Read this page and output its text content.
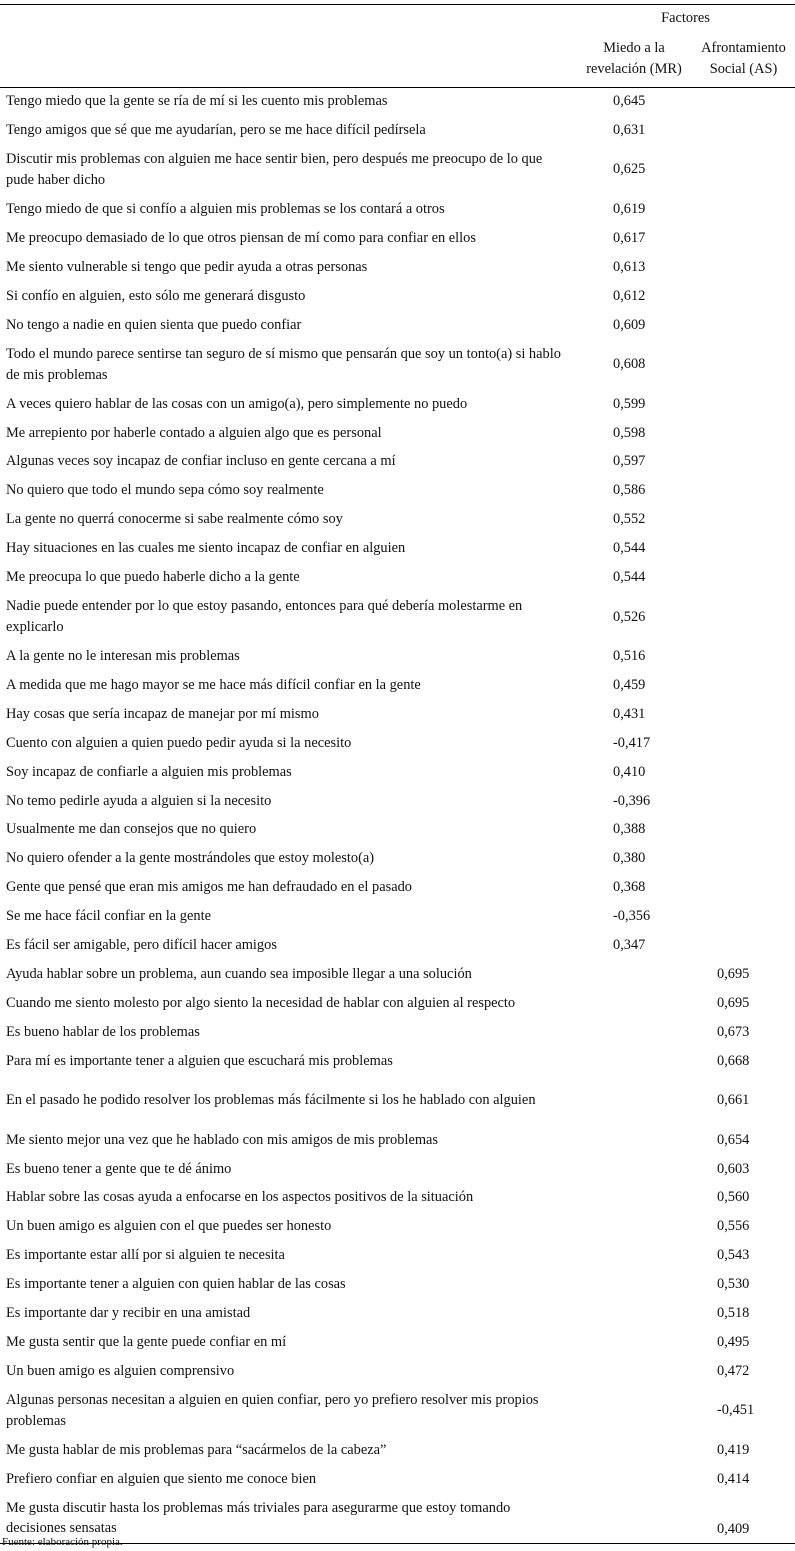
	Factores	
	Miedo a la revelación (MR)	Afrontamiento Social (AS)
Tengo miedo que la gente se ría de mí si les cuento mis problemas	0,645	
Tengo amigos que sé que me ayudarían, pero se me hace difícil pedírsela	0,631	
Discutir mis problemas con alguien me hace sentir bien, pero después me preocupo de lo que pude haber dicho	0,625	
Tengo miedo de que si confío a alguien mis problemas se los contará a otros	0,619	
Me preocupo demasiado de lo que otros piensan de mí como para confiar en ellos	0,617	
Me siento vulnerable si tengo que pedir ayuda a otras personas	0,613	
Si confío en alguien, esto sólo me generará disgusto	0,612	
No tengo a nadie en quien sienta que puedo confiar	0,609	
Todo el mundo parece sentirse tan seguro de sí mismo que pensarán que soy un tonto(a) si hablo de mis problemas	0,608	
A veces quiero hablar de las cosas con un amigo(a), pero simplemente no puedo	0,599	
Me arrepiento por haberle contado a alguien algo que es personal	0,598	
Algunas veces soy incapaz de confiar incluso en gente cercana a mí	0,597	
No quiero que todo el mundo sepa cómo soy realmente	0,586	
La gente no querrá conocerme si sabe realmente cómo soy	0,552	
Hay situaciones en las cuales me siento incapaz de confiar en alguien	0,544	
Me preocupa lo que puedo haberle dicho a la gente	0,544	
Nadie puede entender por lo que estoy pasando, entonces para qué debería molestarme en explicarlo	0,526	
A la gente no le interesan mis problemas	0,516	
A medida que me hago mayor se me hace más difícil confiar en la gente	0,459	
Hay cosas que sería incapaz de manejar por mí mismo	0,431	
Cuento con alguien a quien puedo pedir ayuda si la necesito	-0,417	
Soy incapaz de confiarle a alguien mis problemas	0,410	
No temo pedirle ayuda a alguien si la necesito	-0,396	
Usualmente me dan consejos que no quiero	0,388	
No quiero ofender a la gente mostrándoles que estoy molesto(a)	0,380	
Gente que pensé que eran mis amigos me han defraudado en el pasado	0,368	
Se me hace fácil confiar en la gente	-0,356	
Es fácil ser amigable, pero difícil hacer amigos	0,347	
Ayuda hablar sobre un problema, aun cuando sea imposible llegar a una solución		0,695
Cuando me siento molesto por algo siento la necesidad de hablar con alguien al respecto		0,695
Es bueno hablar de los problemas		0,673
Para mí es importante tener a alguien que escuchará mis problemas		0,668
En el pasado he podido resolver los problemas más fácilmente si los he hablado con alguien		0,661
Me siento mejor una vez que he hablado con mis amigos de mis problemas		0,654
Es bueno tener a gente que te dé ánimo		0,603
Hablar sobre las cosas ayuda a enfocarse en los aspectos positivos de la situación		0,560
Un buen amigo es alguien con el que puedes ser honesto		0,556
Es importante estar allí por si alguien te necesita		0,543
Es importante tener a alguien con quien hablar de las cosas		0,530
Es importante dar y recibir en una amistad		0,518
Me gusta sentir que la gente puede confiar en mí		0,495
Un buen amigo es alguien comprensivo		0,472
Algunas personas necesitan a alguien en quien confiar, pero yo prefiero resolver mis propios problemas		-0,451
Me gusta hablar de mis problemas para “sacármelos de la cabeza”		0,419
Prefiero confiar en alguien que siento me conoce bien		0,414
Me gusta discutir hasta los problemas más triviales para asegurarme que estoy tomando decisiones sensatas		0,409
Fuente: elaboración propia.
